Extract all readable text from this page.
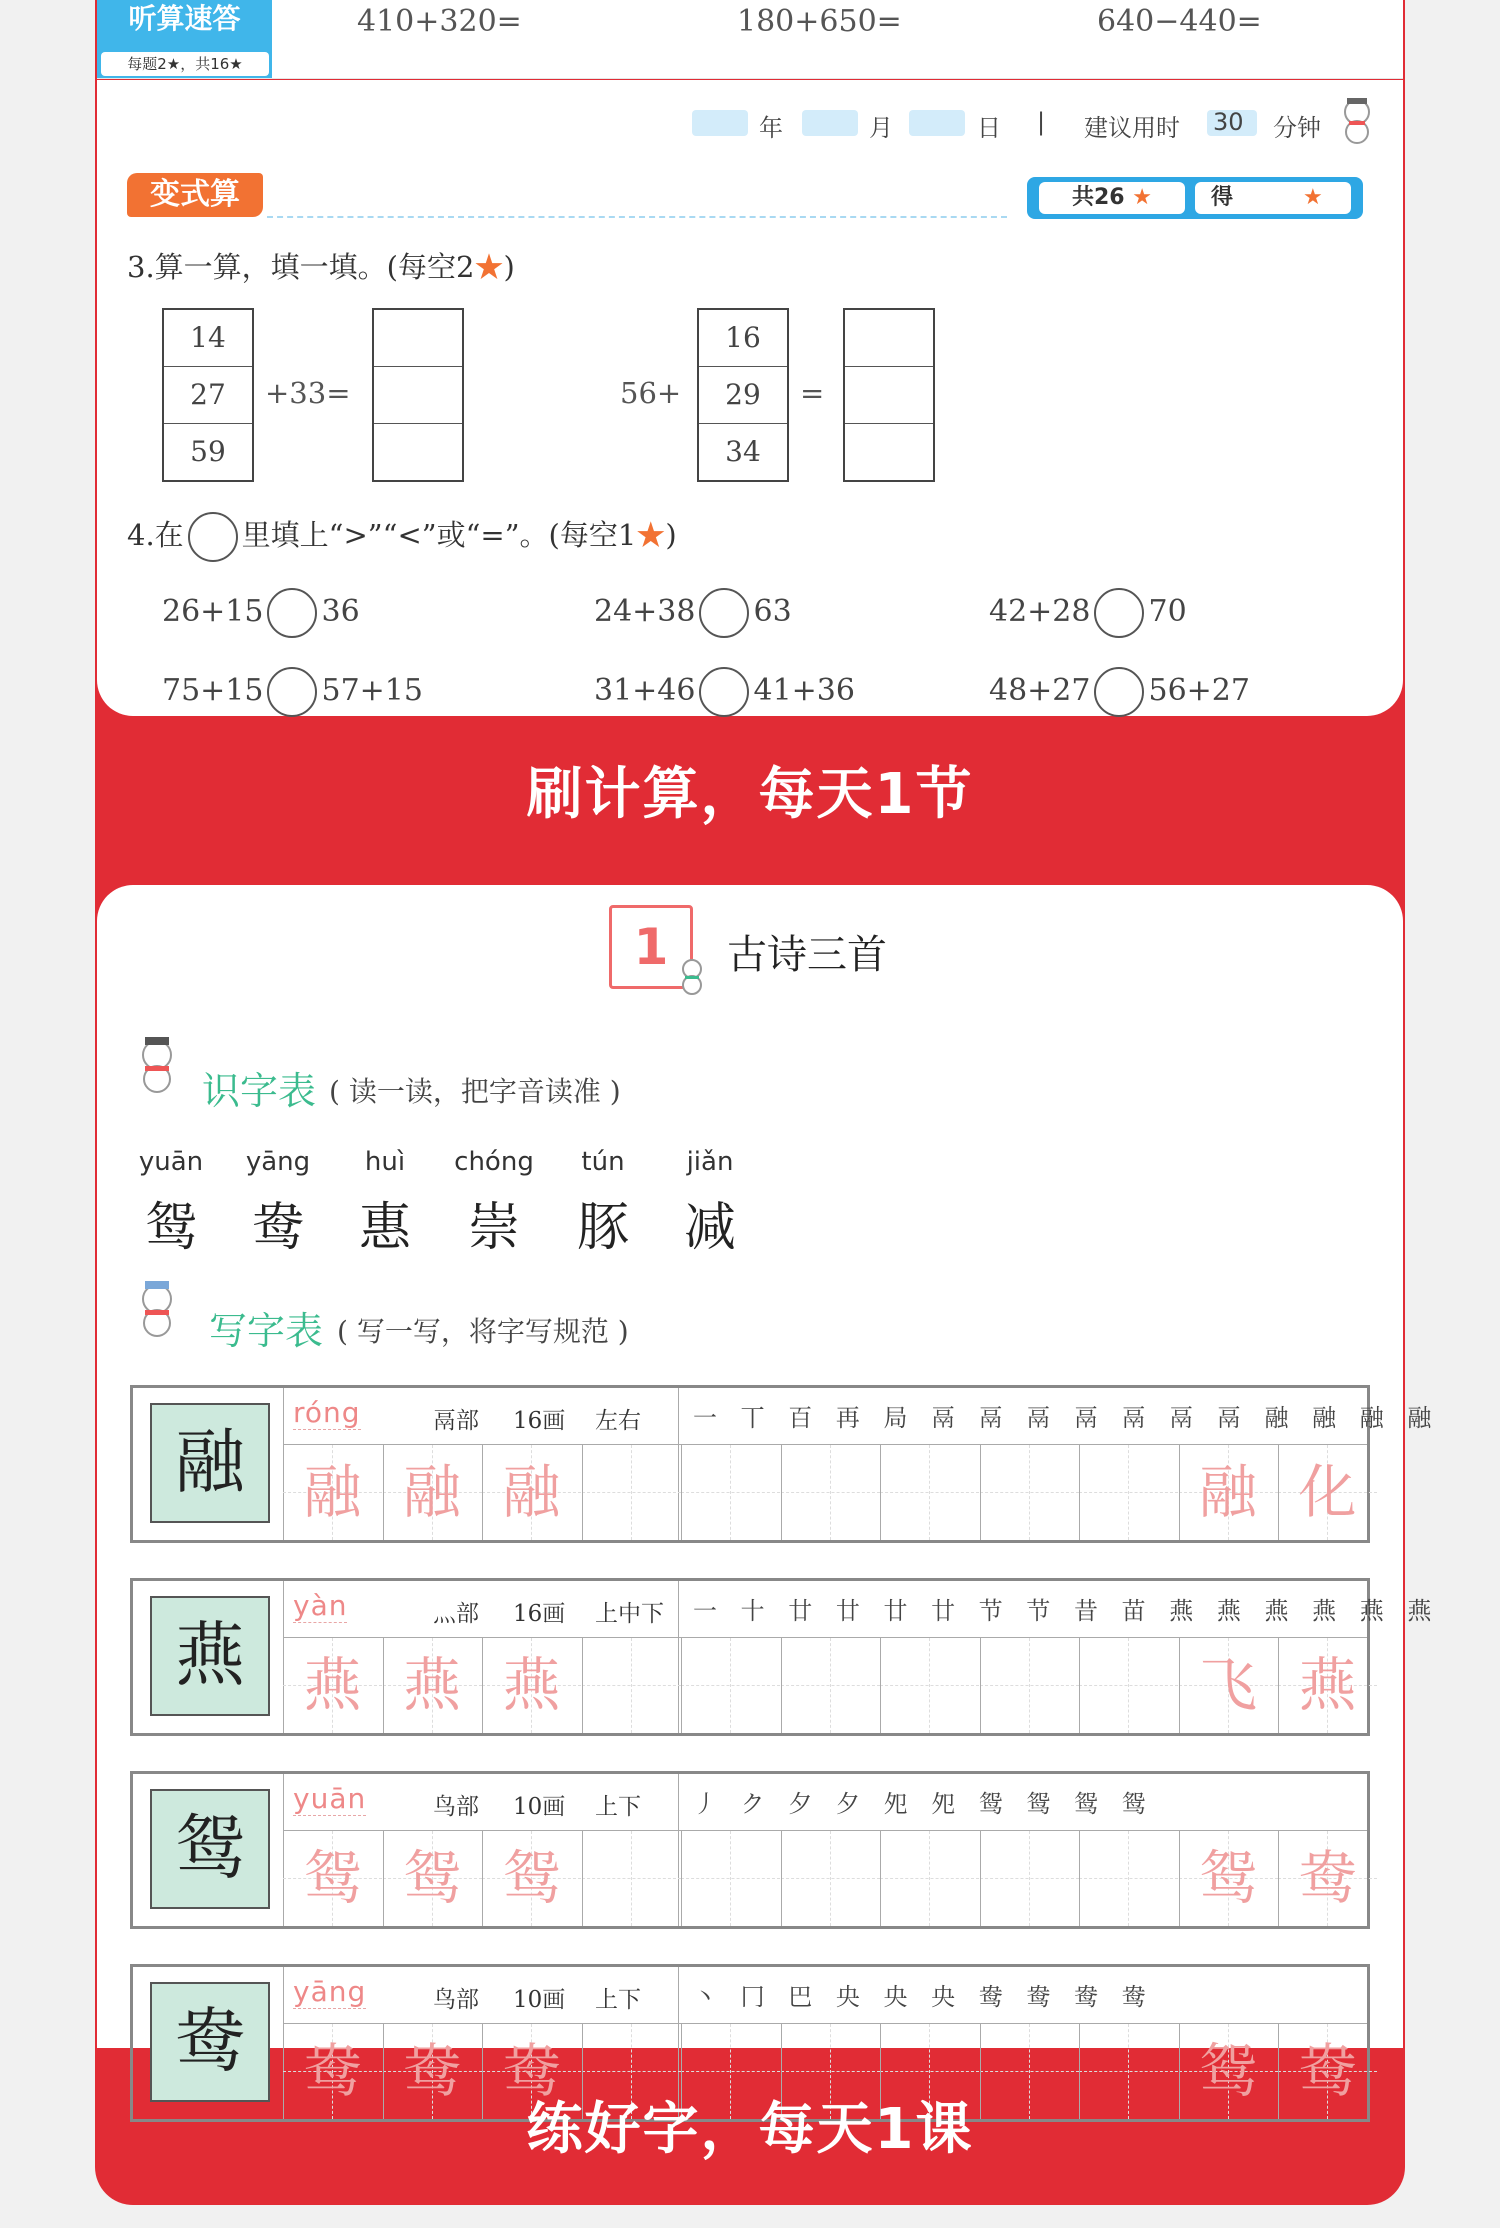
听算速答
每题2★，共16★
410+320=	180+650=	640−440=
年	月	日 | 建议用时 30 分钟
变式算	共26 ★	得	★
3.算一算，填一填。(每空2★)
14
27
59
+33=	56+
16
29
34
=
4.在 里填上“>”“<”或“=”。(每空1★)
26+15 36	24+38 63	42+28 70
75+15 57+15	31+46 41+36	48+27 56+27
刷计算，每天1节
1	古诗三首
识字表 ( 读一读，把字音读准 )
yuān
鸳
yāng
鸯
huì
惠
chóng
崇
tún
豚
jiǎn
减
写字表 ( 写一写，将字写规范 )
融
róng	鬲部 16画 左右 一 丅 百 再 局 鬲 鬲 鬲 鬲 鬲 鬲 鬲 融 融 融 融
融 融 融	融 化
燕
yàn	灬部 16画 上中下 一 十 廿 廿 廿 廿 节 节 昔 苗 燕 燕 燕 燕 燕 燕
燕 燕 燕	飞 燕
鸳
yuān	鸟部 10画 上下 丿 ク 夕 夕 夗 夗 鸳 鸳 鸳 鸳
鸳 鸳 鸳	鸳 鸯
鸯
yāng	鸟部 10画 上下 丶 冂 巴 央 央 央 鸯 鸯 鸯 鸯
鸯 鸯 鸯	鸳 鸯
练好字，每天1课
